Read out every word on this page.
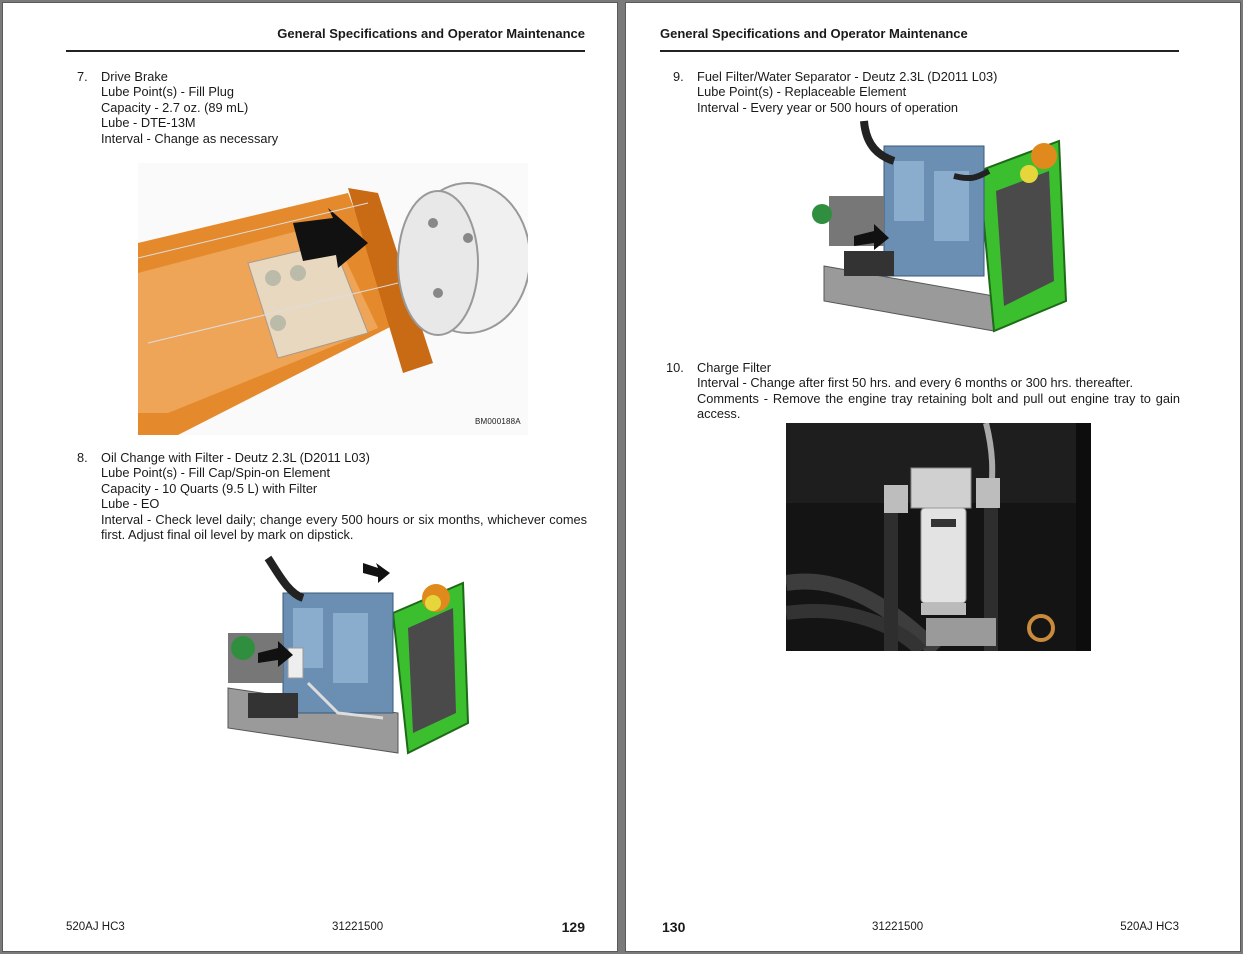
General Specifications and Operator Maintenance
7. Drive Brake
Lube Point(s) - Fill Plug
Capacity - 2.7 oz. (89 mL)
Lube - DTE-13M
Interval - Change as necessary
BM000188A
8. Oil Change with Filter - Deutz 2.3L (D2011 L03)
Lube Point(s) - Fill Cap/Spin-on Element
Capacity - 10 Quarts (9.5 L) with Filter
Lube - EO
Interval - Check level daily; change every 500 hours or six months, whichever comes first. Adjust final oil level by mark on dipstick.
520AJ HC3	31221500	129
General Specifications and Operator Maintenance
9. Fuel Filter/Water Separator - Deutz 2.3L (D2011 L03)
Lube Point(s) - Replaceable Element
Interval - Every year or 500 hours of operation
10. Charge Filter
Interval - Change after first 50 hrs. and every 6 months or 300 hrs. thereafter.
Comments - Remove the engine tray retaining bolt and pull out engine tray to gain access.
130	31221500	520AJ HC3
